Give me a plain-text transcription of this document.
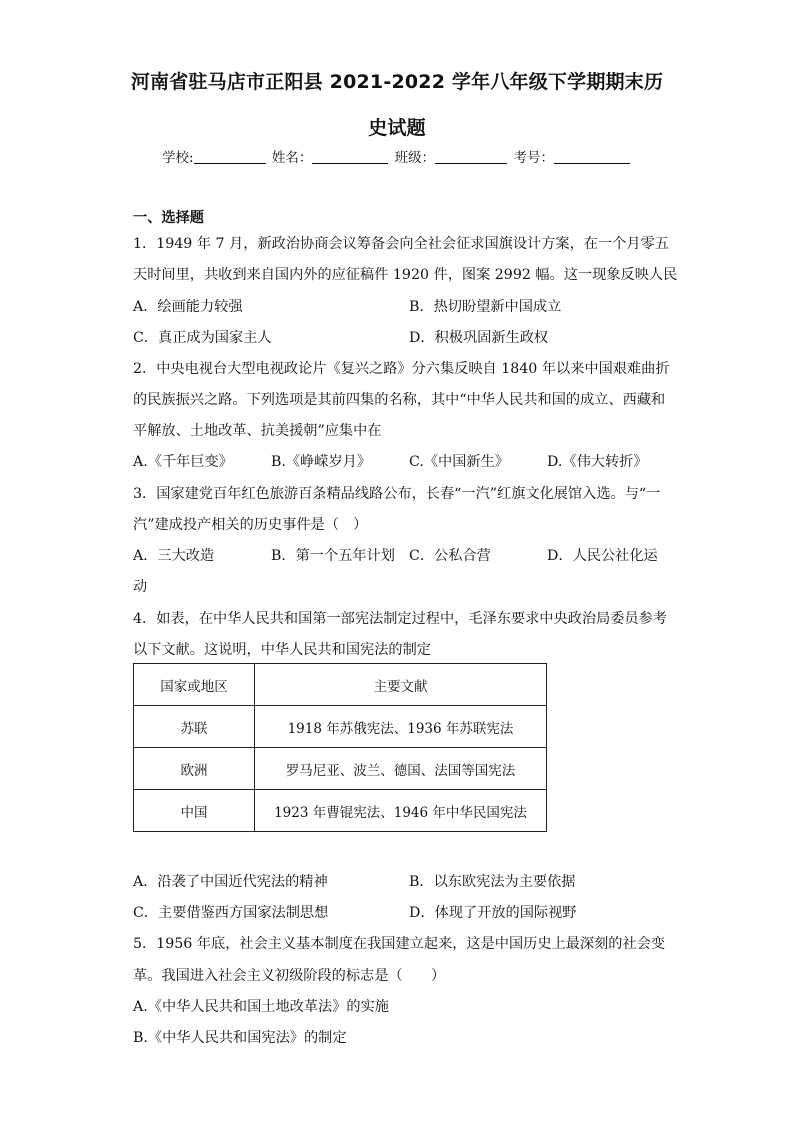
河南省驻马店市正阳县 2021-2022 学年八年级下学期期末历
史试题
学校:	姓名：	班级：	考号：
一、选择题
1．1949 年 7 月，新政治协商会议筹备会向全社会征求国旗设计方案，在一个月零五
天时间里，共收到来自国内外的应征稿件 1920 件，图案 2992 幅。这一现象反映人民
A．绘画能力较强	B．热切盼望新中国成立
C．真正成为国家主人	D．积极巩固新生政权
2．中央电视台大型电视政论片《复兴之路》分六集反映自 1840 年以来中国艰难曲折
的民族振兴之路。下列选项是其前四集的名称，其中“中华人民共和国的成立、西藏和
平解放、土地改革、抗美援朝”应集中在
A.《千年巨变》	B.《峥嵘岁月》	C.《中国新生》	D.《伟大转折》
3．国家建党百年红色旅游百条精品线路公布，长春“一汽”红旗文化展馆入选。与“一
汽”建成投产相关的历史事件是（　）
A．三大改造	B．第一个五年计划 C．公私合营	D．人民公社化运
动
4．如表，在中华人民共和国第一部宪法制定过程中，毛泽东要求中央政治局委员参考
以下文献。这说明，中华人民共和国宪法的制定
国家或地区	主要文献
苏联	1918 年苏俄宪法、1936 年苏联宪法
欧洲	罗马尼亚、波兰、德国、法国等国宪法
中国	1923 年曹锟宪法、1946 年中华民国宪法
A．沿袭了中国近代宪法的精神	B．以东欧宪法为主要依据
C．主要借鉴西方国家法制思想	D．体现了开放的国际视野
5．1956 年底，社会主义基本制度在我国建立起来，这是中国历史上最深刻的社会变
革。我国进入社会主义初级阶段的标志是（　　）
A.《中华人民共和国土地改革法》的实施
B.《中华人民共和国宪法》的制定
